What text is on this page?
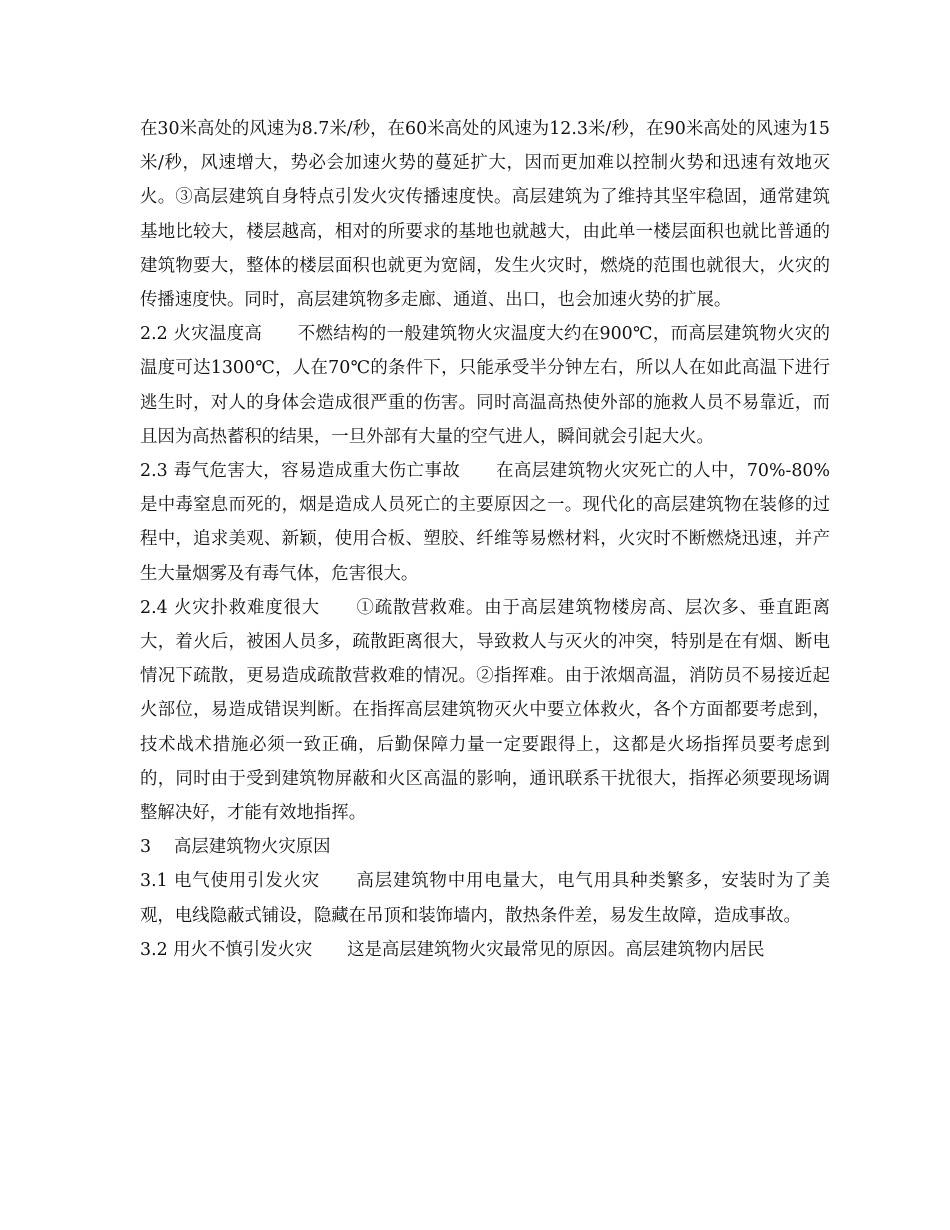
在30米高处的风速为8.7米/秒，在60米高处的风速为12.3米/秒，在90米高处的风速为15米/秒，风速增大，势必会加速火势的蔓延扩大，因而更加难以控制火势和迅速有效地灭火。③高层建筑自身特点引发火灾传播速度快。高层建筑为了维持其坚牢稳固，通常建筑基地比较大，楼层越高，相对的所要求的基地也就越大，由此单一楼层面积也就比普通的建筑物要大，整体的楼层面积也就更为宽阔，发生火灾时，燃烧的范围也就很大，火灾的传播速度快。同时，高层建筑物多走廊、通道、出口，也会加速火势的扩展。

2.2 火灾温度高　　不燃结构的一般建筑物火灾温度大约在900℃，而高层建筑物火灾的温度可达1300℃，人在70℃的条件下，只能承受半分钟左右，所以人在如此高温下进行逃生时，对人的身体会造成很严重的伤害。同时高温高热使外部的施救人员不易靠近，而且因为高热蓄积的结果，一旦外部有大量的空气进人，瞬间就会引起大火。

2.3 毒气危害大，容易造成重大伤亡事故　　在高层建筑物火灾死亡的人中，70%-80%是中毒窒息而死的，烟是造成人员死亡的主要原因之一。现代化的高层建筑物在装修的过程中，追求美观、新颖，使用合板、塑胶、纤维等易燃材料，火灾时不断燃烧迅速，并产生大量烟雾及有毒气体，危害很大。

2.4 火灾扑救难度很大　　①疏散营救难。由于高层建筑物楼房高、层次多、垂直距离大，着火后，被困人员多，疏散距离很大，导致救人与灭火的冲突，特别是在有烟、断电情况下疏散，更易造成疏散营救难的情况。②指挥难。由于浓烟高温，消防员不易接近起火部位，易造成错误判断。在指挥高层建筑物灭火中要立体救火，各个方面都要考虑到，技术战术措施必须一致正确，后勤保障力量一定要跟得上，这都是火场指挥员要考虑到的，同时由于受到建筑物屏蔽和火区高温的影响，通讯联系干扰很大，指挥必须要现场调整解决好，才能有效地指挥。

3　 高层建筑物火灾原因

3.1 电气使用引发火灾　　高层建筑物中用电量大，电气用具种类繁多，安装时为了美观，电线隐蔽式铺设，隐藏在吊顶和装饰墙内，散热条件差，易发生故障，造成事故。

3.2 用火不慎引发火灾　　这是高层建筑物火灾最常见的原因。高层建筑物内居民
